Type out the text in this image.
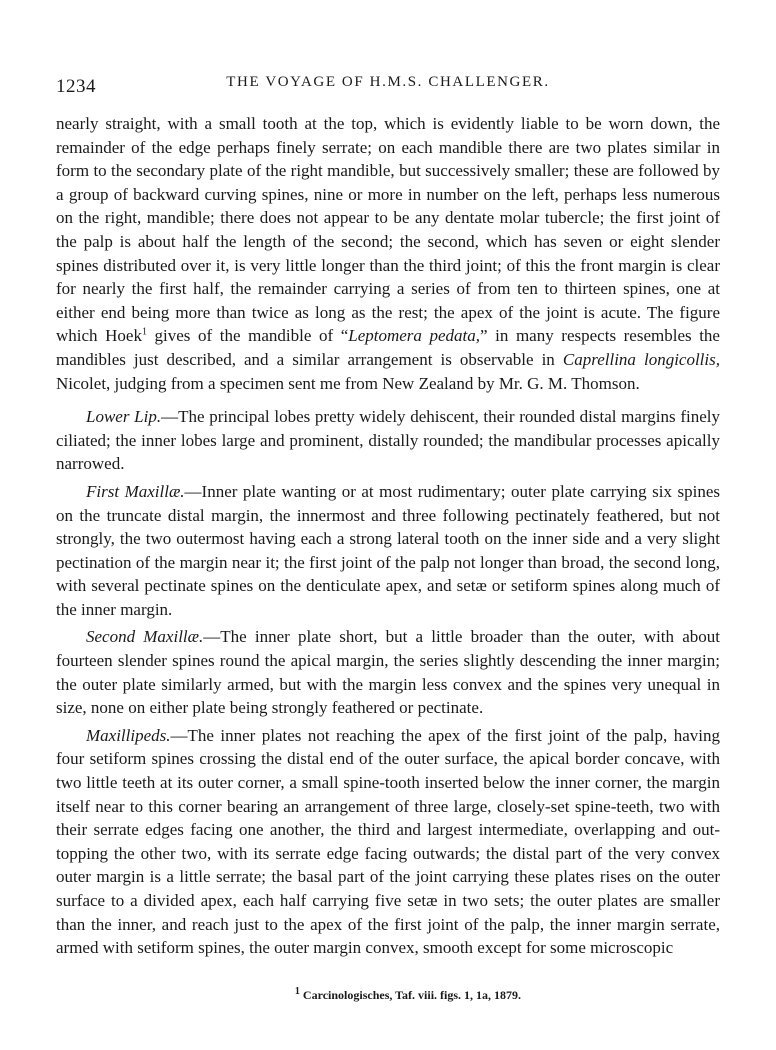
1234	THE VOYAGE OF H.M.S. CHALLENGER.

nearly straight, with a small tooth at the top, which is evidently liable to be worn down, the remainder of the edge perhaps finely serrate; on each mandible there are two plates similar in form to the secondary plate of the right mandible, but successively smaller; these are followed by a group of backward curving spines, nine or more in number on the left, perhaps less numerous on the right, mandible; there does not appear to be any dentate molar tubercle; the first joint of the palp is about half the length of the second; the second, which has seven or eight slender spines distributed over it, is very little longer than the third joint; of this the front margin is clear for nearly the first half, the remainder carrying a series of from ten to thirteen spines, one at either end being more than twice as long as the rest; the apex of the joint is acute. The figure which Hoek$^1$ gives of the mandible of “Leptomera pedata,” in many respects resembles the mandibles just described, and a similar arrangement is observable in Caprellina longicollis, Nicolet, judging from a specimen sent me from New Zealand by Mr. G. M. Thomson.

Lower Lip.—The principal lobes pretty widely dehiscent, their rounded distal margins finely ciliated; the inner lobes large and prominent, distally rounded; the mandibular processes apically narrowed.

First Maxillæ.—Inner plate wanting or at most rudimentary; outer plate carrying six spines on the truncate distal margin, the innermost and three following pectinately feathered, but not strongly, the two outermost having each a strong lateral tooth on the inner side and a very slight pectination of the margin near it; the first joint of the palp not longer than broad, the second long, with several pectinate spines on the denticulate apex, and setæ or setiform spines along much of the inner margin.

Second Maxillæ.—The inner plate short, but a little broader than the outer, with about fourteen slender spines round the apical margin, the series slightly descending the inner margin; the outer plate similarly armed, but with the margin less convex and the spines very unequal in size, none on either plate being strongly feathered or pectinate.

Maxillipeds.—The inner plates not reaching the apex of the first joint of the palp, having four setiform spines crossing the distal end of the outer surface, the apical border concave, with two little teeth at its outer corner, a small spine-tooth inserted below the inner corner, the margin itself near to this corner bearing an arrangement of three large, closely-set spine-teeth, two with their serrate edges facing one another, the third and largest intermediate, overlapping and out-topping the other two, with its serrate edge facing outwards; the distal part of the very convex outer margin is a little serrate; the basal part of the joint carrying these plates rises on the outer surface to a divided apex, each half carrying five setæ in two sets; the outer plates are smaller than the inner, and reach just to the apex of the first joint of the palp, the inner margin serrate, armed with setiform spines, the outer margin convex, smooth except for some microscopic

$^1$ Carcinologisches, Taf. viii. figs. 1, 1a, 1879.
